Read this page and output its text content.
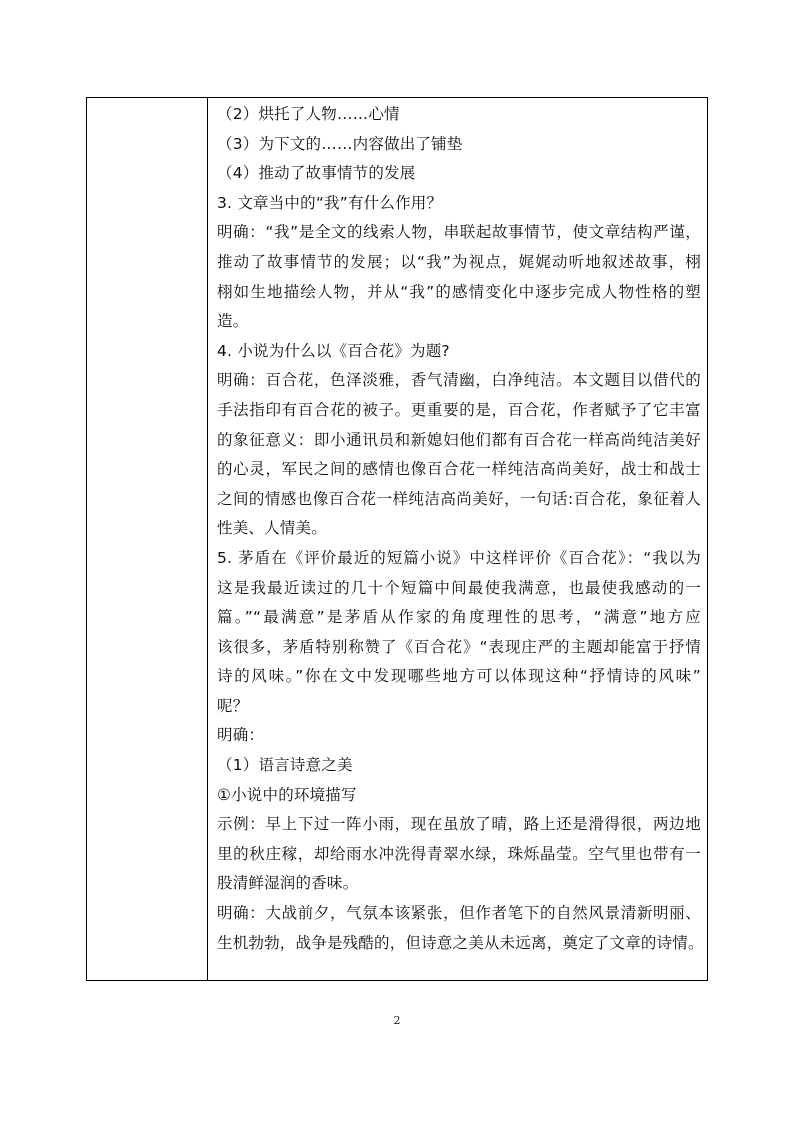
（2）烘托了人物……心情
（3）为下文的……内容做出了铺垫
（4）推动了故事情节的发展
3. 文章当中的“我”有什么作用？
明确：“我”是全文的线索人物，串联起故事情节，使文章结构严谨，
推动了故事情节的发展；以“我”为视点，娓娓动听地叙述故事，栩
栩如生地描绘人物，并从“我”的感情变化中逐步完成人物性格的塑
造。
4. 小说为什么以《百合花》为题?
明确：百合花，色泽淡雅，香气清幽，白净纯洁。本文题目以借代的
手法指印有百合花的被子。更重要的是，百合花，作者赋予了它丰富
的象征意义：即小通讯员和新媳妇他们都有百合花一样高尚纯洁美好
的心灵，军民之间的感情也像百合花一样纯洁高尚美好，战士和战士
之间的情感也像百合花一样纯洁高尚美好，一句话:百合花，象征着人
性美、人情美。
5. 茅盾在《评价最近的短篇小说》中这样评价《百合花》：“我以为
这是我最近读过的几十个短篇中间最使我满意，也最使我感动的一
篇。”“最满意”是茅盾从作家的角度理性的思考，“满意”地方应
该很多，茅盾特别称赞了《百合花》“表现庄严的主题却能富于抒情
诗的风味。”你在文中发现哪些地方可以体现这种“抒情诗的风味”
呢？
明确：
（1）语言诗意之美
①小说中的环境描写
示例：早上下过一阵小雨，现在虽放了晴，路上还是滑得很，两边地
里的秋庄稼，却给雨水冲洗得青翠水绿，珠烁晶莹。空气里也带有一
股清鲜湿润的香味。
明确：大战前夕，气氛本该紧张，但作者笔下的自然风景清新明丽、
生机勃勃，战争是残酷的，但诗意之美从未远离，奠定了文章的诗情。
2
